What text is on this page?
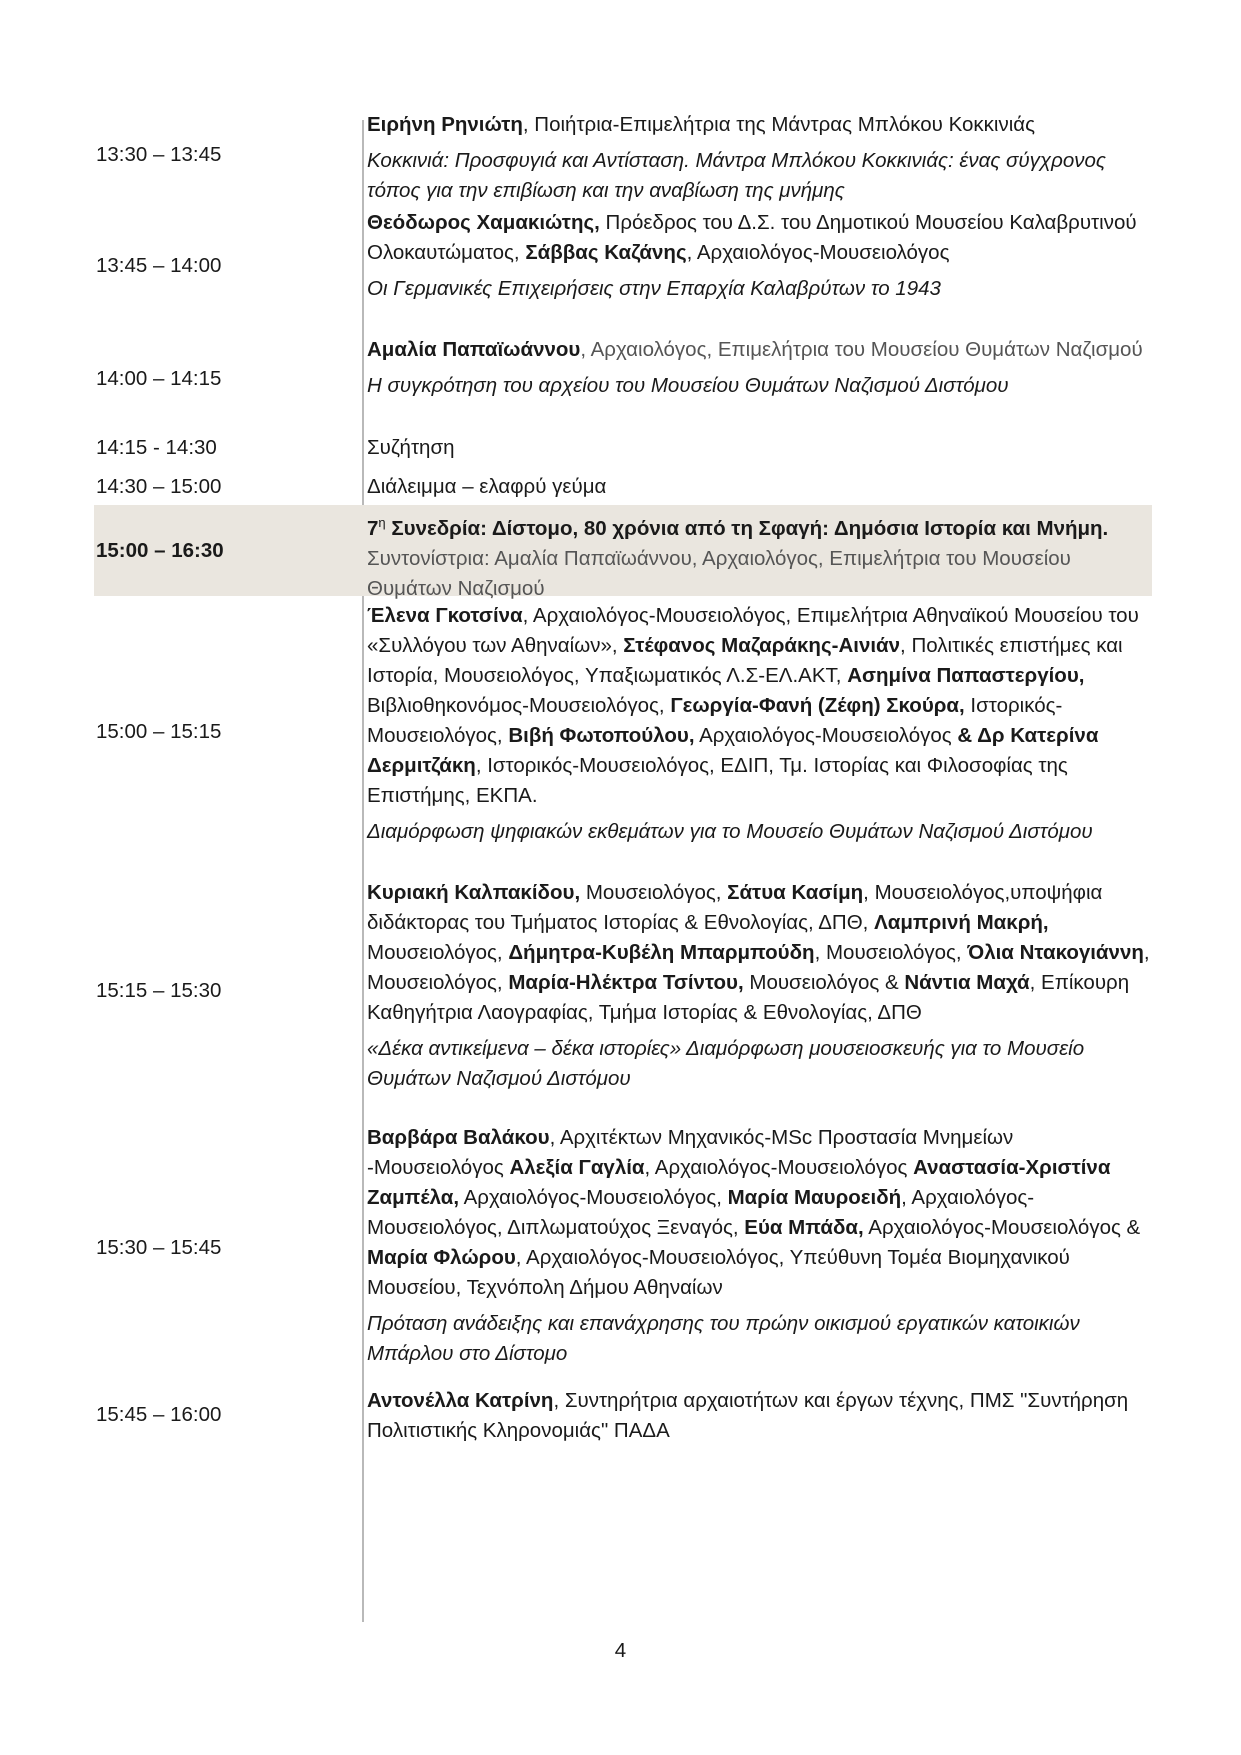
13:30 – 13:45

Ειρήνη Ρηνιώτη, Ποιήτρια-Επιμελήτρια της Μάντρας Μπλόκου Κοκκινιάς

Κοκκινιά: Προσφυγιά και Αντίσταση. Μάντρα Μπλόκου Κοκκινιάς: ένας σύγχρονος τόπος για την επιβίωση και την αναβίωση της μνήμης

13:45 – 14:00

Θεόδωρος Χαμακιώτης, Πρόεδρος του Δ.Σ. του Δημοτικού Μουσείου Καλαβρυτινού Ολοκαυτώματος, Σάββας Καζάνης, Αρχαιολόγος-Μουσειολόγος

Οι Γερμανικές Επιχειρήσεις στην Επαρχία Καλαβρύτων το 1943

14:00 – 14:15

Αμαλία Παπαϊωάννου, Αρχαιολόγος, Επιμελήτρια του Μουσείου Θυμάτων Ναζισμού

Η συγκρότηση του αρχείου του Μουσείου Θυμάτων Ναζισμού Διστόμου

14:15 - 14:30	Συζήτηση

14:30 – 15:00	Διάλειμμα – ελαφρύ γεύμα

15:00 – 16:30

$7^\eta$ Συνεδρία: Δίστομο, 80 χρόνια από τη Σφαγή: Δημόσια Ιστορία και Μνήμη. Συντονίστρια: Αμαλία Παπαϊωάννου, Αρχαιολόγος, Επιμελήτρια του Μουσείου Θυμάτων Ναζισμού

15:00 – 15:15

Έλενα Γκοτσίνα, Αρχαιολόγος-Μουσειολόγος, Επιμελήτρια Αθηναϊκού Μουσείου του «Συλλόγου των Αθηναίων», Στέφανος Μαζαράκης-Αινιάν, Πολιτικές επιστήμες και Ιστορία, Μουσειολόγος, Υπαξιωματικός Λ.Σ-ΕΛ.ΑΚΤ, Ασημίνα Παπαστεργίου, Βιβλιοθηκονόμος-Μουσειολόγος, Γεωργία-Φανή (Ζέφη) Σκούρα, Ιστορικός-Μουσειολόγος, Βιβή Φωτοπούλου, Αρχαιολόγος-Μουσειολόγος & Δρ Κατερίνα Δερμιτζάκη, Ιστορικός-Μουσειολόγος, ΕΔΙΠ, Τμ. Ιστορίας και Φιλοσοφίας της Επιστήμης, ΕΚΠΑ.

Διαμόρφωση ψηφιακών εκθεμάτων για το Μουσείο Θυμάτων Ναζισμού Διστόμου

15:15 – 15:30

Κυριακή Καλπακίδου, Μουσειολόγος, Σάτυα Κασίμη, Μουσειολόγος,υποψήφια διδάκτορας του Τμήματος Ιστορίας & Εθνολογίας, ΔΠΘ, Λαμπρινή Μακρή, Μουσειολόγος, Δήμητρα-Κυβέλη Μπαρμπούδη, Μουσειολόγος, Όλια Ντακογιάννη, Μουσειολόγος, Μαρία-Ηλέκτρα Τσίντου, Μουσειολόγος & Νάντια Μαχά, Επίκουρη Καθηγήτρια Λαογραφίας, Τμήμα Ιστορίας & Εθνολογίας, ΔΠΘ

«Δέκα αντικείμενα – δέκα ιστορίες» Διαμόρφωση μουσειοσκευής για το Μουσείο Θυμάτων Ναζισμού Διστόμου

15:30 – 15:45

Βαρβάρα Βαλάκου, Αρχιτέκτων Μηχανικός-MSc Προστασία Μνημείων -Μουσειολόγος Αλεξία Γαγλία, Αρχαιολόγος-Μουσειολόγος Αναστασία-Χριστίνα Ζαμπέλα, Αρχαιολόγος-Μουσειολόγος, Μαρία Μαυροειδή, Αρχαιολόγος-Μουσειολόγος, Διπλωματούχος Ξεναγός, Εύα Μπάδα, Αρχαιολόγος-Μουσειολόγος & Μαρία Φλώρου, Αρχαιολόγος-Μουσειολόγος, Υπεύθυνη Τομέα Βιομηχανικού Μουσείου, Τεχνόπολη Δήμου Αθηναίων

Πρόταση ανάδειξης και επανάχρησης του πρώην οικισμού εργατικών κατοικιών Μπάρλου στο Δίστομο

15:45 – 16:00

Αντονέλλα Κατρίνη, Συντηρήτρια αρχαιοτήτων και έργων τέχνης, ΠΜΣ "Συντήρηση Πολιτιστικής Κληρονομιάς" ΠΑΔΑ

4
